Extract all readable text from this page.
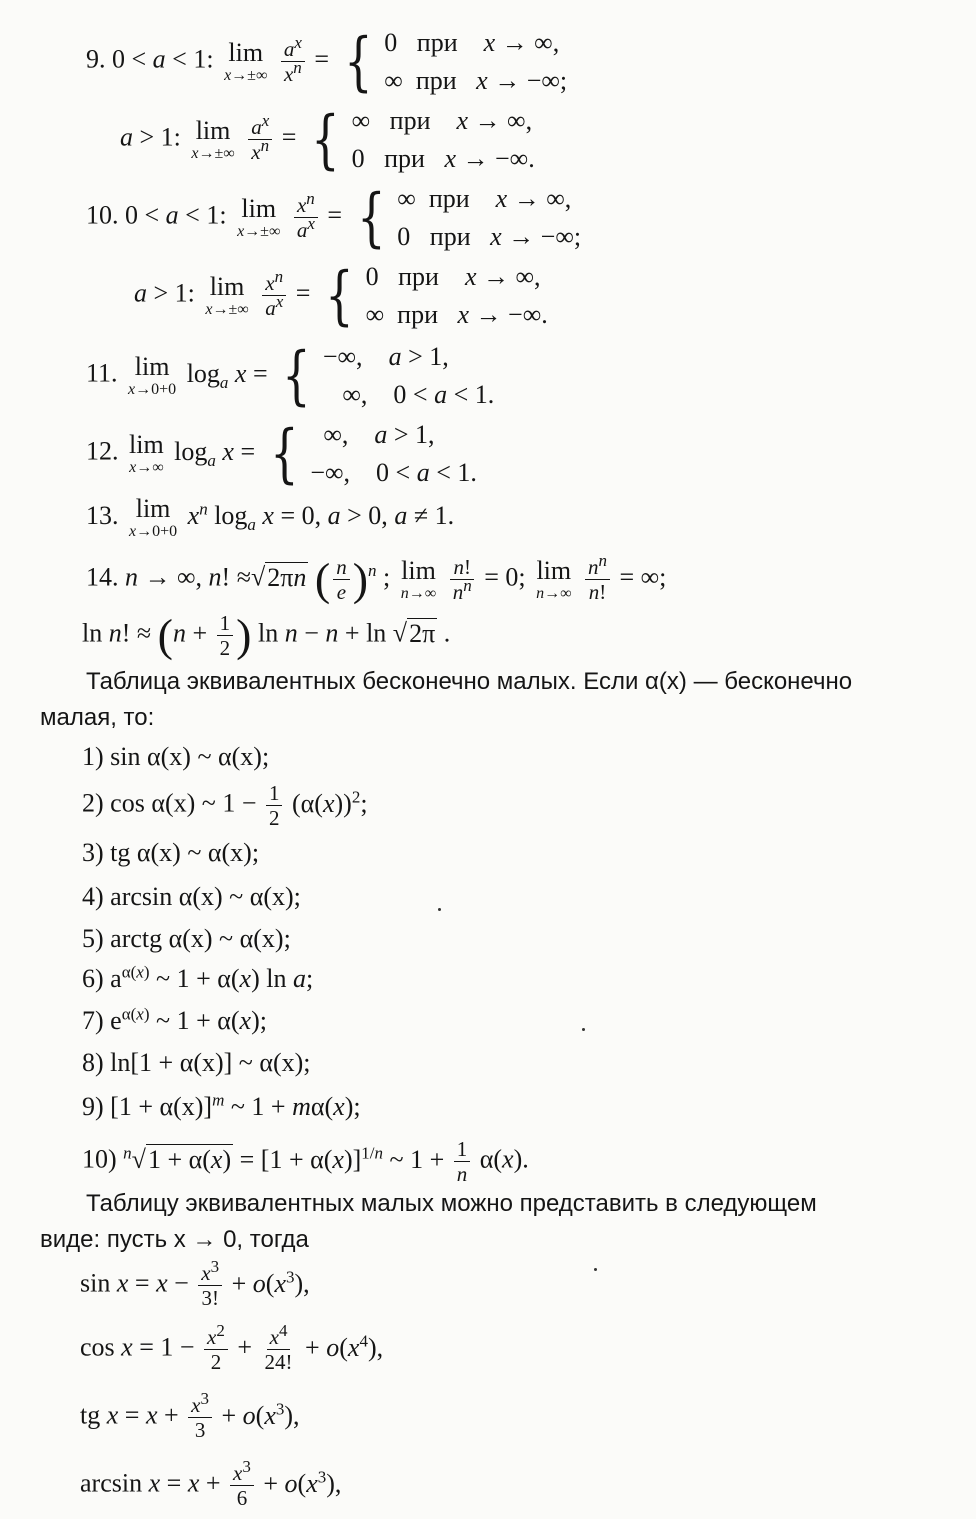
9. 0 < a < 1: lim
x→±∞
$\frac{a^x}{x^n}$ = { 0   при x → ∞,
∞  при x → −∞;
a > 1: lim
x→±∞
$\frac{a^x}{x^n}$ = { ∞   при x → ∞,
0   при x → −∞.
10. 0 < a < 1: lim
x→±∞
$\frac{x^n}{a^x}$ = { ∞  при x → ∞,
0   при x → −∞;
a > 1: lim
x→±∞
$\frac{x^n}{a^x}$ = { 0   при x → ∞,
∞  при x → −∞.
11. lim
x→0+0
$\log_a x$ = { −∞,    a > 1,
∞,    0 < a < 1.
12. lim
x→∞
$\log_a x$ = { ∞,    a > 1,
−∞,    0 < a < 1.
13. lim
x→0+0
$x^n$ $\log_a x = 0$, a > 0, a ≠ 1.
14. n → ∞, n! ≈√2πn ( $\frac{n}{e} )^n$ ; lim
n→∞
$\frac{n!}{n^n} = 0$; lim
n→∞
$\frac{n^n}{n!}$ = ∞;
ln n! ≈ ($n + \frac{1}{2}$ ) ln n − n + ln √2π .
Таблица эквивалентных бесконечно малых. Если α(x) — бесконечно
малая, то:
1) sin α(x) ~ α(x);
2) cos α(x) ~ $1 - \frac{1}{2} (\alpha(x))^2$;
3) tg α(x) ~ α(x);
4) arcsin α(x) ~ α(x);
5) arctg α(x) ~ α(x);
6) $a^{\alpha(x)}$ ~ 1 + α(x) ln a;
7) $e^{\alpha(x)}$ ~ 1 + α(x);
8) ln[1 + α(x)] ~ α(x);
9) $[1 + \alpha(x)]^m$ ~ 1 + mα(x);
10) $^n√1 + \alpha(x) = [1 + \alpha(x)]^{1/n}$ ~ $1 + \frac{1}{n} \alpha(x)$.
Таблицу эквивалентных малых можно представить в следующем
виде: пусть x → 0, тогда
$\sin x = x - \frac{x^3}{3!} + o(x^3)$,
$\cos x = 1 - \frac{x^2}{2} + \frac{x^4}{24!} + o(x^4)$,
tg $x = x + \frac{x^3}{3} + o(x^3)$,
$\arcsin x = x + \frac{x^3}{6} + o(x^3)$,
